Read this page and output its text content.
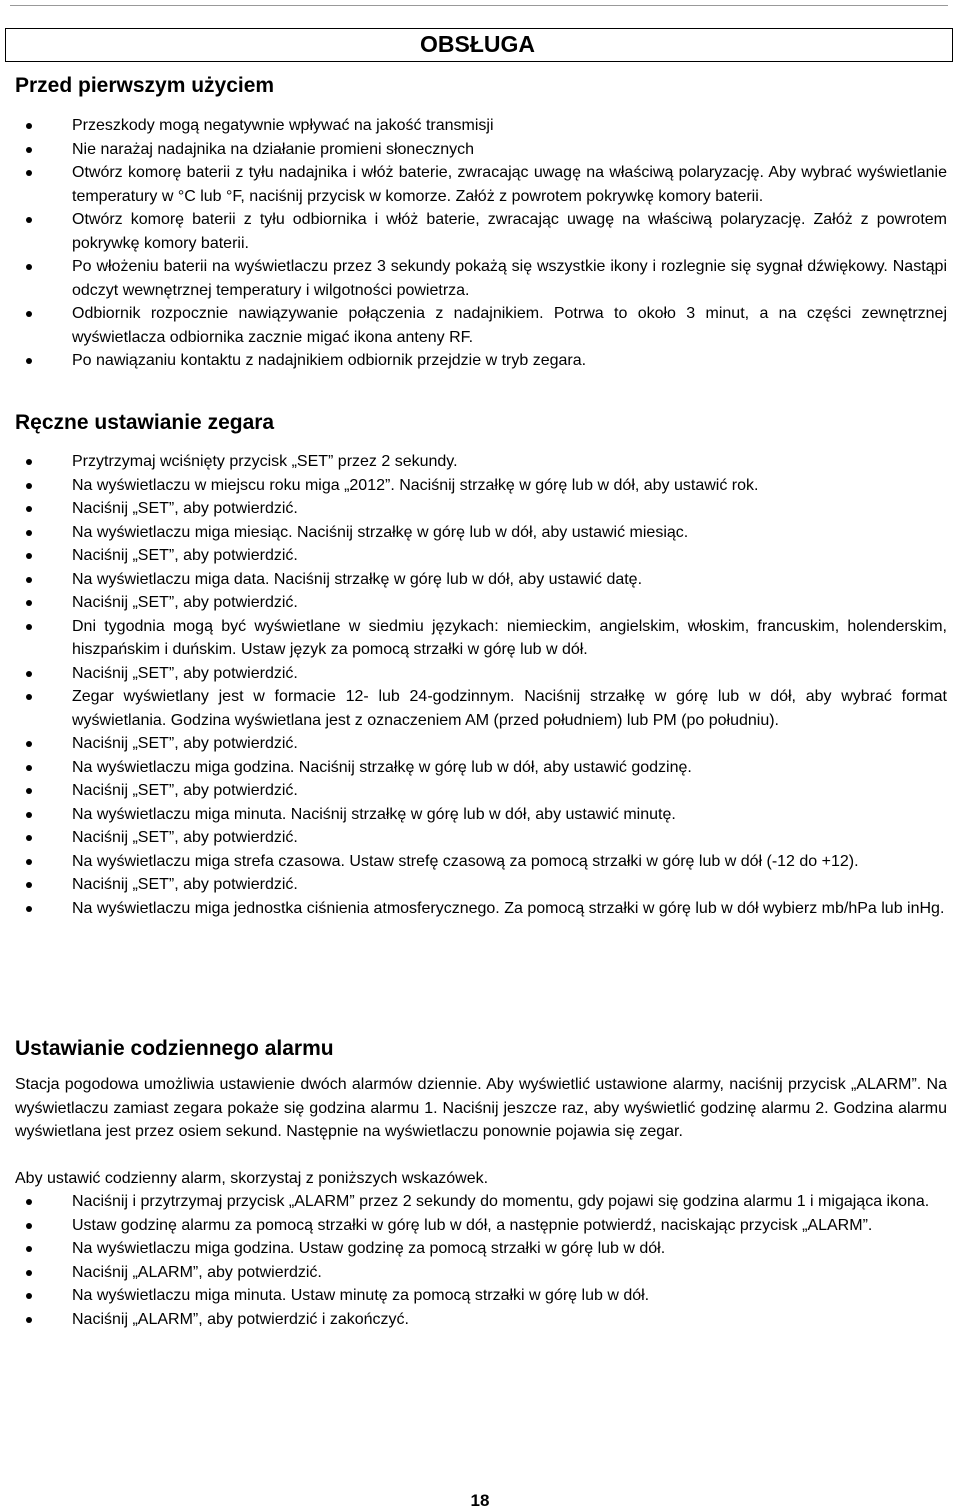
OBSŁUGA
Przed pierwszym użyciem
Przeszkody mogą negatywnie wpływać na jakość transmisji
Nie narażaj nadajnika na działanie promieni słonecznych
Otwórz komorę baterii z tyłu nadajnika i włóż baterie, zwracając uwagę na właściwą polaryzację. Aby wybrać wyświetlanie temperatury w °C lub °F, naciśnij przycisk w komorze. Załóż z powrotem pokrywkę komory baterii.
Otwórz komorę baterii z tyłu odbiornika i włóż baterie, zwracając uwagę na właściwą polaryzację. Załóż z powrotem pokrywkę komory baterii.
Po włożeniu baterii na wyświetlaczu przez 3 sekundy pokażą się wszystkie ikony i rozlegnie się sygnał dźwiękowy. Nastąpi odczyt wewnętrznej temperatury i wilgotności powietrza.
Odbiornik rozpocznie nawiązywanie połączenia z nadajnikiem. Potrwa to około 3 minut, a na części zewnętrznej wyświetlacza odbiornika zacznie migać ikona anteny RF.
Po nawiązaniu kontaktu z nadajnikiem odbiornik przejdzie w tryb zegara.
Ręczne ustawianie zegara
Przytrzymaj wciśnięty przycisk „SET” przez 2 sekundy.
Na wyświetlaczu w miejscu roku miga „2012”. Naciśnij strzałkę w górę lub w dół, aby ustawić rok.
Naciśnij „SET”, aby potwierdzić.
Na wyświetlaczu miga miesiąc. Naciśnij strzałkę w górę lub w dół, aby ustawić miesiąc.
Naciśnij „SET”, aby potwierdzić.
Na wyświetlaczu miga data. Naciśnij strzałkę w górę lub w dół, aby ustawić datę.
Naciśnij „SET”, aby potwierdzić.
Dni tygodnia mogą być wyświetlane w siedmiu językach: niemieckim, angielskim, włoskim, francuskim, holenderskim, hiszpańskim i duńskim. Ustaw język za pomocą strzałki w górę lub w dół.
Naciśnij „SET”, aby potwierdzić.
Zegar wyświetlany jest w formacie 12- lub 24-godzinnym. Naciśnij strzałkę w górę lub w dół, aby wybrać format wyświetlania. Godzina wyświetlana jest z oznaczeniem AM (przed południem) lub PM (po południu).
Naciśnij „SET”, aby potwierdzić.
Na wyświetlaczu miga godzina. Naciśnij strzałkę w górę lub w dół, aby ustawić godzinę.
Naciśnij „SET”, aby potwierdzić.
Na wyświetlaczu miga minuta. Naciśnij strzałkę w górę lub w dół, aby ustawić minutę.
Naciśnij „SET”, aby potwierdzić.
Na wyświetlaczu miga strefa czasowa. Ustaw strefę czasową za pomocą strzałki w górę lub w dół (-12 do +12).
Naciśnij „SET”, aby potwierdzić.
Na wyświetlaczu miga jednostka ciśnienia atmosferycznego. Za pomocą strzałki w górę lub w dół wybierz mb/hPa lub inHg.
Ustawianie codziennego alarmu

Stacja pogodowa umożliwia ustawienie dwóch alarmów dziennie. Aby wyświetlić ustawione alarmy, naciśnij przycisk „ALARM”. Na wyświetlaczu zamiast zegara pokaże się godzina alarmu 1. Naciśnij jeszcze raz, aby wyświetlić godzinę alarmu 2. Godzina alarmu wyświetlana jest przez osiem sekund. Następnie na wyświetlaczu ponownie pojawia się zegar.

Aby ustawić codzienny alarm, skorzystaj z poniższych wskazówek.

Naciśnij i przytrzymaj przycisk „ALARM” przez 2 sekundy do momentu, gdy pojawi się godzina alarmu 1 i migająca ikona.
Ustaw godzinę alarmu za pomocą strzałki w górę lub w dół, a następnie potwierdź, naciskając przycisk „ALARM”.
Na wyświetlaczu miga godzina. Ustaw godzinę za pomocą strzałki w górę lub w dół.
Naciśnij „ALARM”, aby potwierdzić.
Na wyświetlaczu miga minuta. Ustaw minutę za pomocą strzałki w górę lub w dół.
Naciśnij „ALARM”, aby potwierdzić i zakończyć.
18
